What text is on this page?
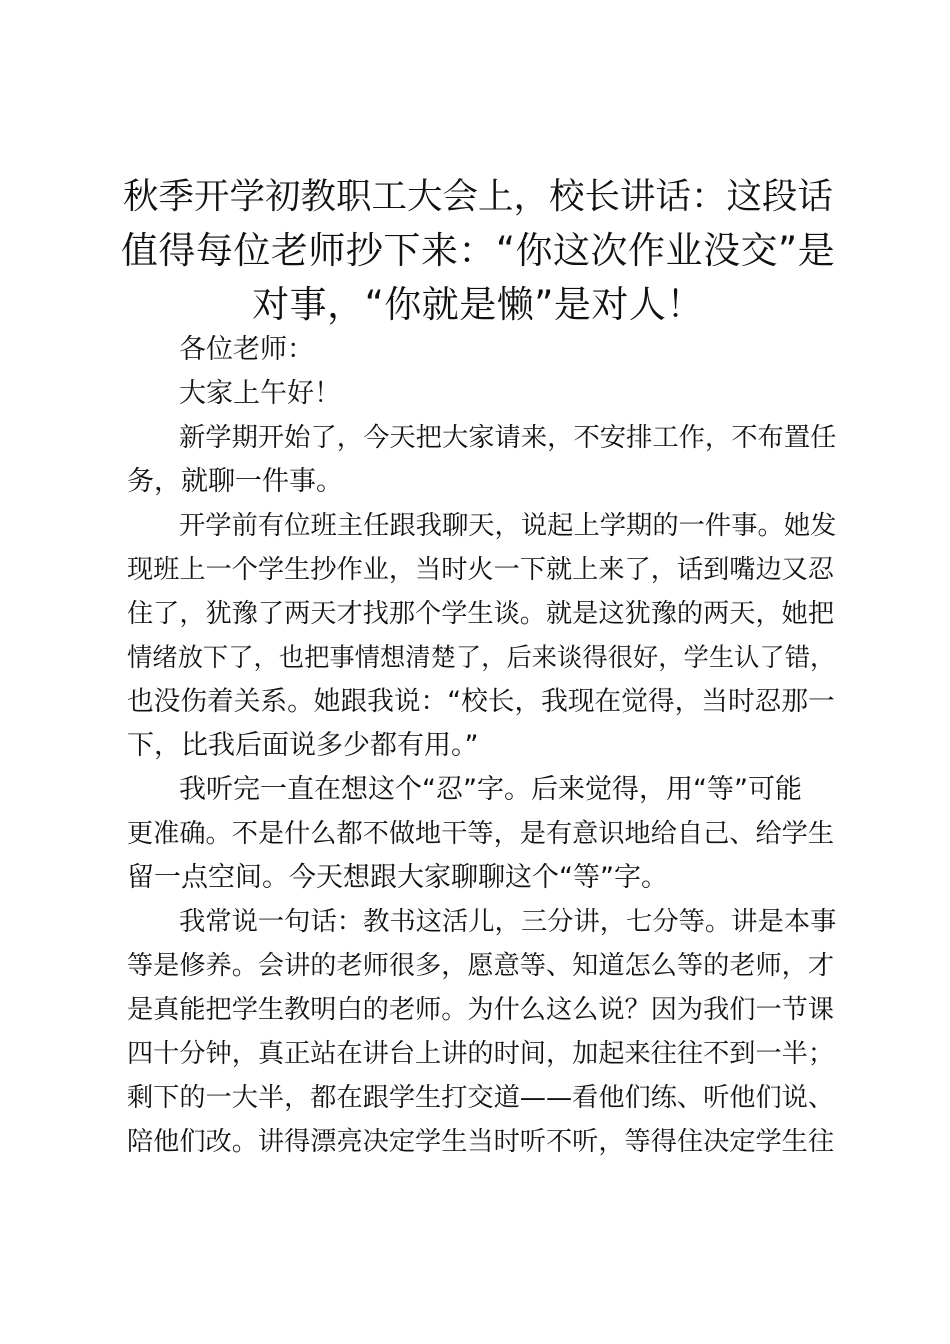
秋季开学初教职工大会上，校长讲话：这段话
值得每位老师抄下来：“你这次作业没交”是
对事，“你就是懒”是对人！

各位老师：

大家上午好！

新学期开始了，今天把大家请来，不安排工作，不布置任
务，就聊一件事。

开学前有位班主任跟我聊天，说起上学期的一件事。她发
现班上一个学生抄作业，当时火一下就上来了，话到嘴边又忍
住了，犹豫了两天才找那个学生谈。就是这犹豫的两天，她把
情绪放下了，也把事情想清楚了，后来谈得很好，学生认了错，
也没伤着关系。她跟我说：“校长，我现在觉得，当时忍那一
下，比我后面说多少都有用。”

我听完一直在想这个“忍”字。后来觉得，用“等”可能
更准确。不是什么都不做地干等，是有意识地给自己、给学生
留一点空间。今天想跟大家聊聊这个“等”字。

我常说一句话：教书这活儿，三分讲，七分等。讲是本事
等是修养。会讲的老师很多，愿意等、知道怎么等的老师，才
是真能把学生教明白的老师。为什么这么说？因为我们一节课
四十分钟，真正站在讲台上讲的时间，加起来往往不到一半；
剩下的一大半，都在跟学生打交道——看他们练、听他们说、
陪他们改。讲得漂亮决定学生当时听不听，等得住决定学生往
